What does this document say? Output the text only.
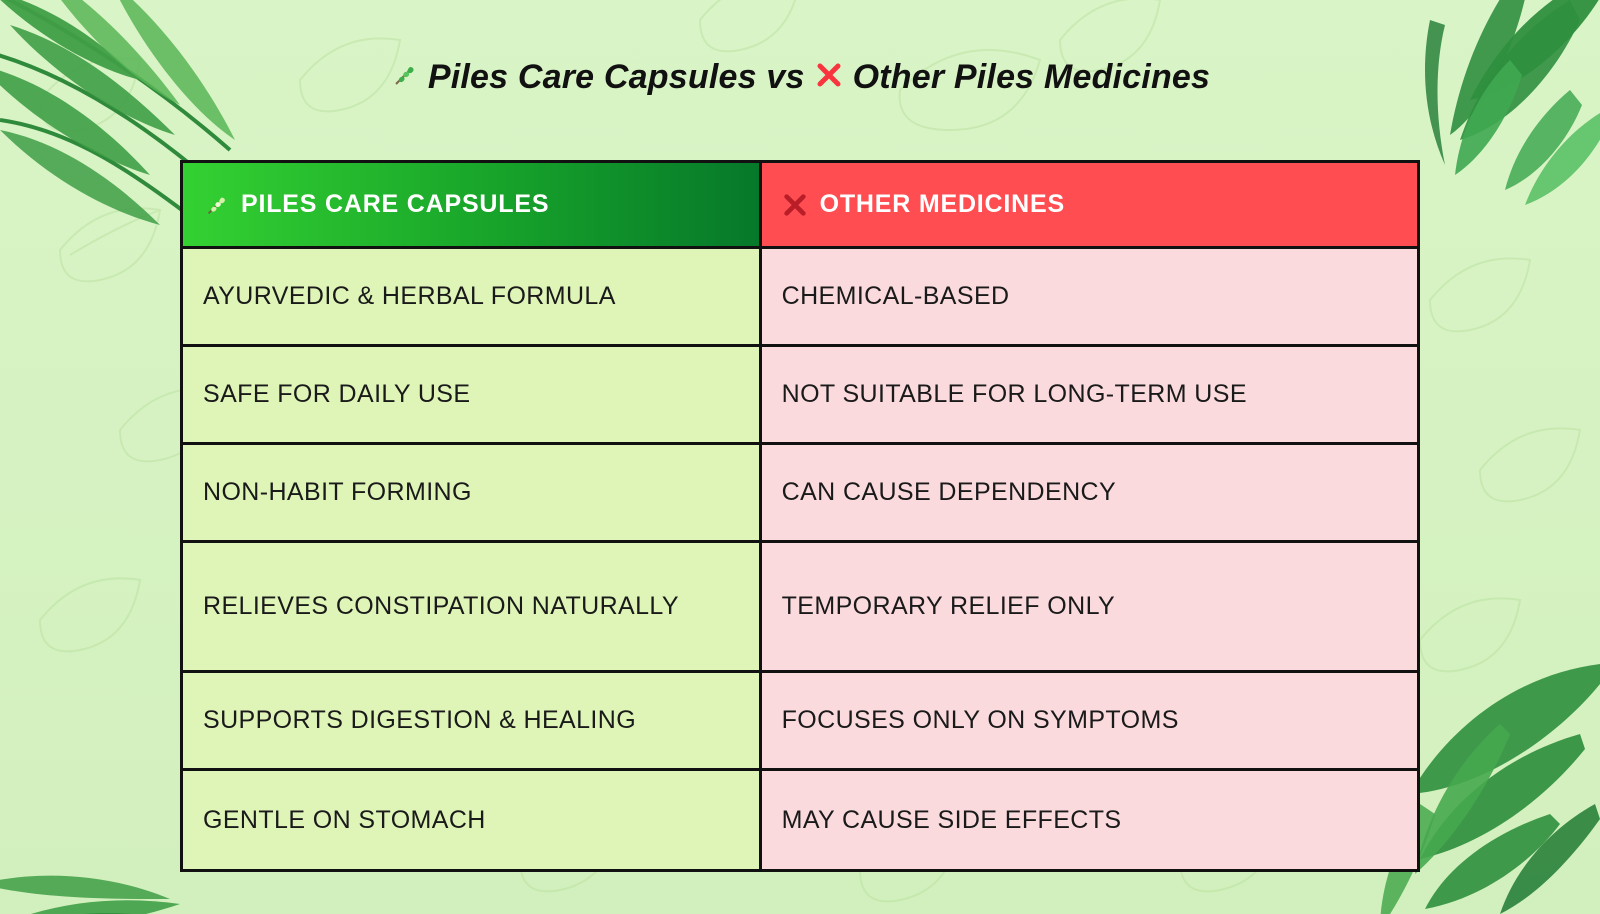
Piles Care Capsules vs Other Piles Medicines
PILES CARE CAPSULES	OTHER MEDICINES
AYURVEDIC & HERBAL FORMULA	CHEMICAL-BASED
SAFE FOR DAILY USE	NOT SUITABLE FOR LONG-TERM USE
NON-HABIT FORMING	CAN CAUSE DEPENDENCY
RELIEVES CONSTIPATION NATURALLY	TEMPORARY RELIEF ONLY
SUPPORTS DIGESTION & HEALING	FOCUSES ONLY ON SYMPTOMS
GENTLE ON STOMACH	MAY CAUSE SIDE EFFECTS
